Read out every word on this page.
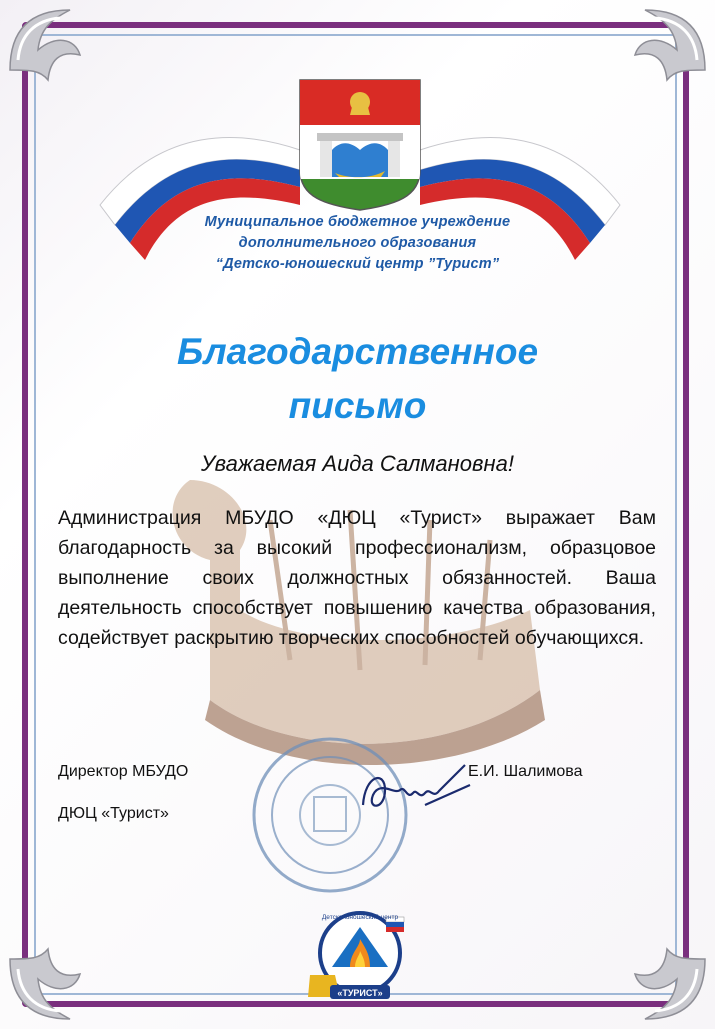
Муниципальное бюджетное учреждение
дополнительного образования
“Детско-юношеский центр ”Турист”
Благодарственное
письмо
Уважаемая Аида Салмановна!
Администрация МБУДО «ДЮЦ «Турист» выражает Вам благодарность за высокий профессионализм, образцовое выполнение своих должностных обязанностей. Ваша деятельность способствует повышению качества образования, содействует раскрытию творческих способностей обучающихся.
Директор МБУДО
ДЮЦ «Турист»
Е.И. Шалимова
«ТУРИСТ»
Детско-юношеский центр
